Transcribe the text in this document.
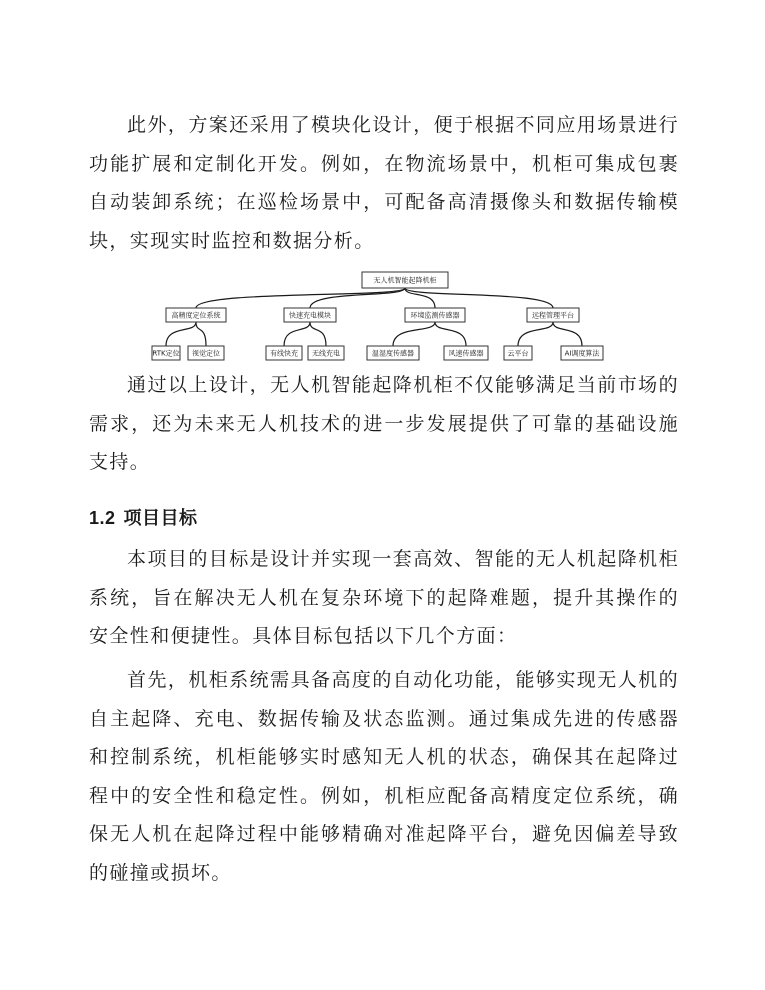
此外，方案还采用了模块化设计，便于根据不同应用场景进行功能扩展和定制化开发。例如，在物流场景中，机柜可集成包裹自动装卸系统；在巡检场景中，可配备高清摄像头和数据传输模块，实现实时监控和数据分析。

无人机智能起降机柜
高精度定位系统
RTK定位 视觉定位
快速充电模块
有线快充 无线充电
环境监测传感器
温湿度传感器	风速传感器
远程管理平台
云平台	AI调度算法

通过以上设计，无人机智能起降机柜不仅能够满足当前市场的需求，还为未来无人机技术的进一步发展提供了可靠的基础设施支持。

1.2 项目目标

本项目的目标是设计并实现一套高效、智能的无人机起降机柜系统，旨在解决无人机在复杂环境下的起降难题，提升其操作的安全性和便捷性。具体目标包括以下几个方面：

首先，机柜系统需具备高度的自动化功能，能够实现无人机的自主起降、充电、数据传输及状态监测。通过集成先进的传感器和控制系统，机柜能够实时感知无人机的状态，确保其在起降过程中的安全性和稳定性。例如，机柜应配备高精度定位系统，确保无人机在起降过程中能够精确对准起降平台，避免因偏差导致的碰撞或损坏。
